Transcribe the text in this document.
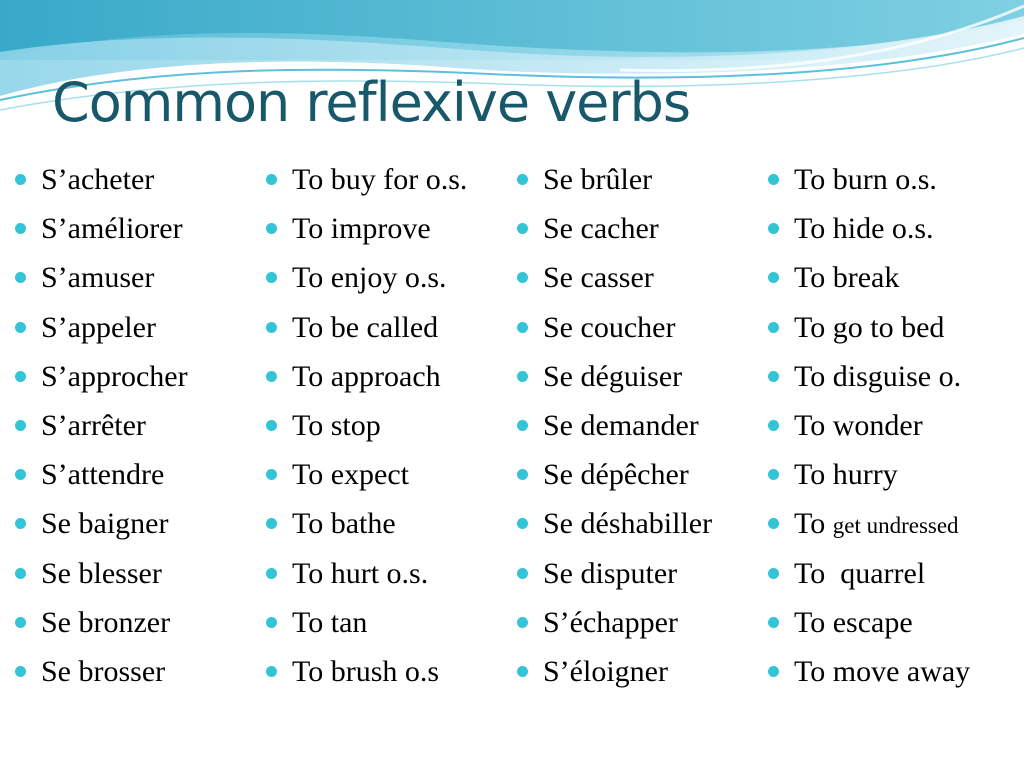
Common reflexive verbs
S’acheter
S’améliorer
S’amuser
S’appeler
S’approcher
S’arrêter
S’attendre
Se baigner
Se blesser
Se bronzer
Se brosser
To buy for o.s.
To improve
To enjoy o.s.
To be called
To approach
To stop
To expect
To bathe
To hurt o.s.
To tan
To brush o.s
Se brûler
Se cacher
Se casser
Se coucher
Se déguiser
Se demander
Se dépêcher
Se déshabiller
Se disputer
S’échapper
S’éloigner
To burn o.s.
To hide o.s.
To break
To go to bed
To disguise o.
To wonder
To hurry
To get undressed
To  quarrel
To escape
To move away
